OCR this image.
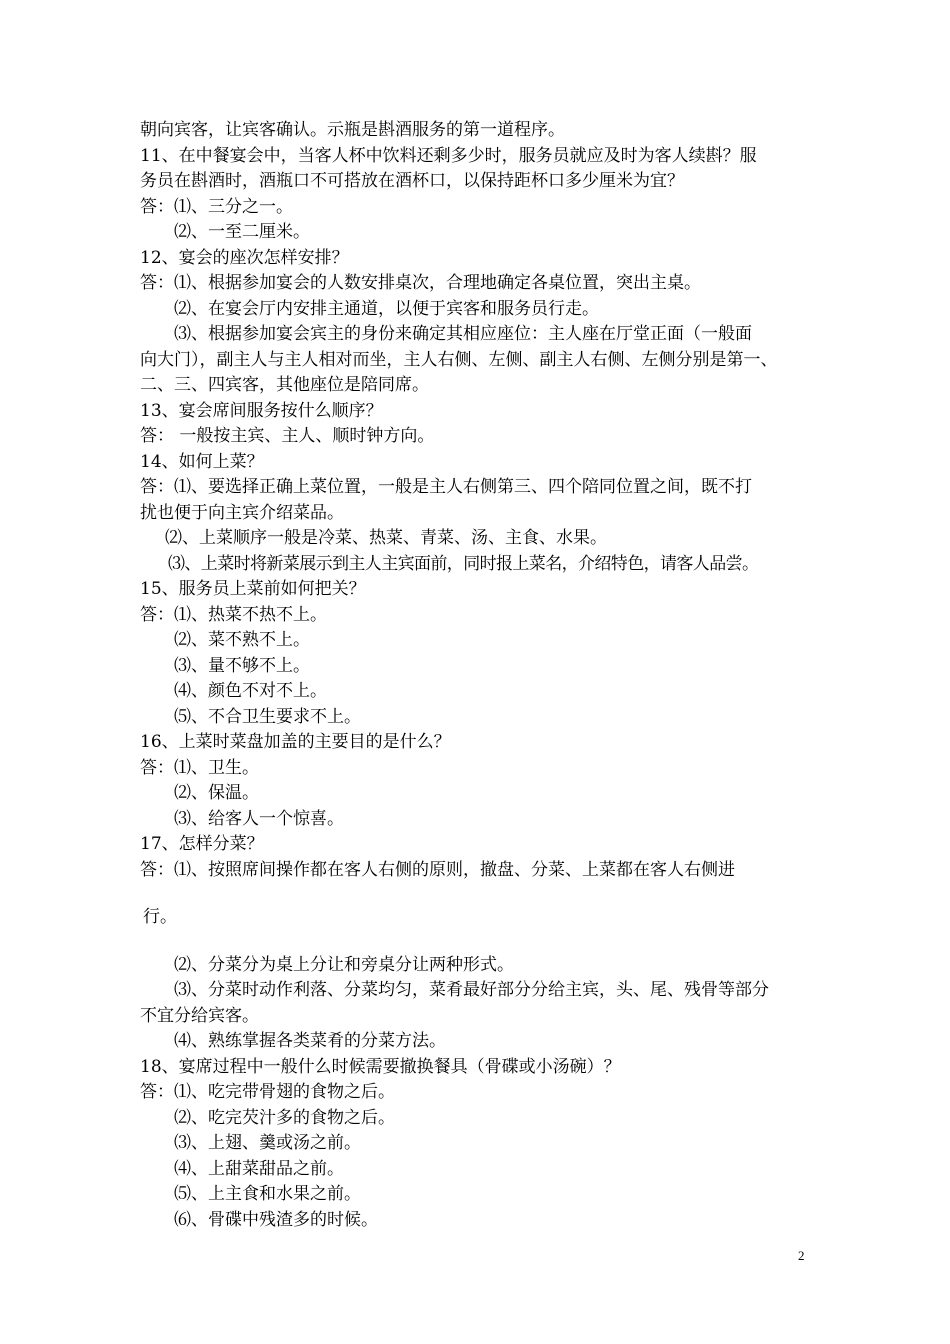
朝向宾客，让宾客确认。示瓶是斟酒服务的第一道程序。
11、在中餐宴会中，当客人杯中饮料还剩多少时，服务员就应及时为客人续斟？服
务员在斟酒时，酒瓶口不可搭放在酒杯口，以保持距杯口多少厘米为宜？
答：⑴、三分之一。
⑵、一至二厘米。
12、宴会的座次怎样安排？
答：⑴、根据参加宴会的人数安排桌次，合理地确定各桌位置，突出主桌。
⑵、在宴会厅内安排主通道，以便于宾客和服务员行走。
⑶、根据参加宴会宾主的身份来确定其相应座位：主人座在厅堂正面（一般面
向大门），副主人与主人相对而坐，主人右侧、左侧、副主人右侧、左侧分别是第一、
二、三、四宾客，其他座位是陪同席。
13、宴会席间服务按什么顺序？
答： 一般按主宾、主人、顺时钟方向。
14、如何上菜？
答：⑴、要选择正确上菜位置，一般是主人右侧第三、四个陪同位置之间，既不打
扰也便于向主宾介绍菜品。
⑵、上菜顺序一般是冷菜、热菜、青菜、汤、主食、水果。
⑶、上菜时将新菜展示到主人主宾面前，同时报上菜名，介绍特色，请客人品尝。
15、服务员上菜前如何把关？
答：⑴、热菜不热不上。
⑵、菜不熟不上。
⑶、量不够不上。
⑷、颜色不对不上。
⑸、不合卫生要求不上。
16、上菜时菜盘加盖的主要目的是什么？
答：⑴、卫生。
⑵、保温。
⑶、给客人一个惊喜。
17、怎样分菜？
答：⑴、按照席间操作都在客人右侧的原则，撤盘、分菜、上菜都在客人右侧进
行。
⑵、分菜分为桌上分让和旁桌分让两种形式。
⑶、分菜时动作利落、分菜均匀，菜肴最好部分分给主宾，头、尾、残骨等部分
不宜分给宾客。
⑷、熟练掌握各类菜肴的分菜方法。
18、宴席过程中一般什么时候需要撤换餐具（骨碟或小汤碗）？
答：⑴、吃完带骨翅的食物之后。
⑵、吃完芡汁多的食物之后。
⑶、上翅、羹或汤之前。
⑷、上甜菜甜品之前。
⑸、上主食和水果之前。
⑹、骨碟中残渣多的时候。
2
